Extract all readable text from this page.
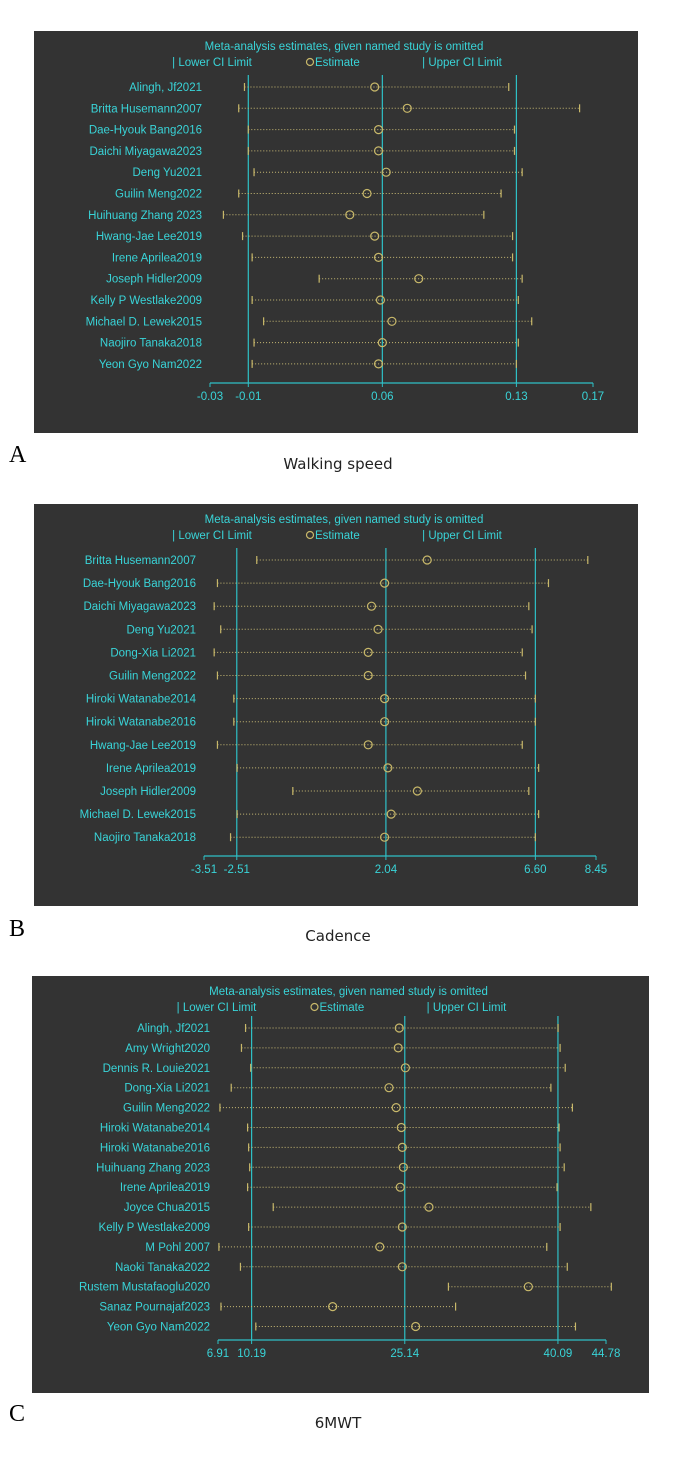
Meta-analysis estimates, given named study is omitted
| Lower CI Limit	Estimate	| Upper CI Limit
-0.03 -0.01	0.06	0.13	0.17
Alingh, Jf2021
Britta Husemann2007
Dae-Hyouk Bang2016
Daichi Miyagawa2023
Deng Yu2021
Guilin Meng2022
Huihuang Zhang 2023
Hwang-Jae Lee2019
Irene Aprilea2019
Joseph Hidler2009
Kelly P Westlake2009
Michael D. Lewek2015
Naojiro Tanaka2018
Yeon Gyo Nam2022
A	Walking speed
Meta-analysis estimates, given named study is omitted
| Lower CI Limit	Estimate	| Upper CI Limit
-3.51 -2.51	2.04	6.60	8.45
Britta Husemann2007
Dae-Hyouk Bang2016
Daichi Miyagawa2023
Deng Yu2021
Dong-Xia Li2021
Guilin Meng2022
Hiroki Watanabe2014
Hiroki Watanabe2016
Hwang-Jae Lee2019
Irene Aprilea2019
Joseph Hidler2009
Michael D. Lewek2015
Naojiro Tanaka2018
B	Cadence
Meta-analysis estimates, given named study is omitted
| Lower CI Limit	Estimate	| Upper CI Limit
6.91 10.19	25.14	40.09 44.78
Alingh, Jf2021
Amy Wright2020
Dennis R. Louie2021
Dong-Xia Li2021
Guilin Meng2022
Hiroki Watanabe2014
Hiroki Watanabe2016
Huihuang Zhang 2023
Irene Aprilea2019
Joyce Chua2015
Kelly P Westlake2009
M Pohl 2007
Naoki Tanaka2022
Rustem Mustafaoglu2020
Sanaz Pournajaf2023
Yeon Gyo Nam2022
C	6MWT
